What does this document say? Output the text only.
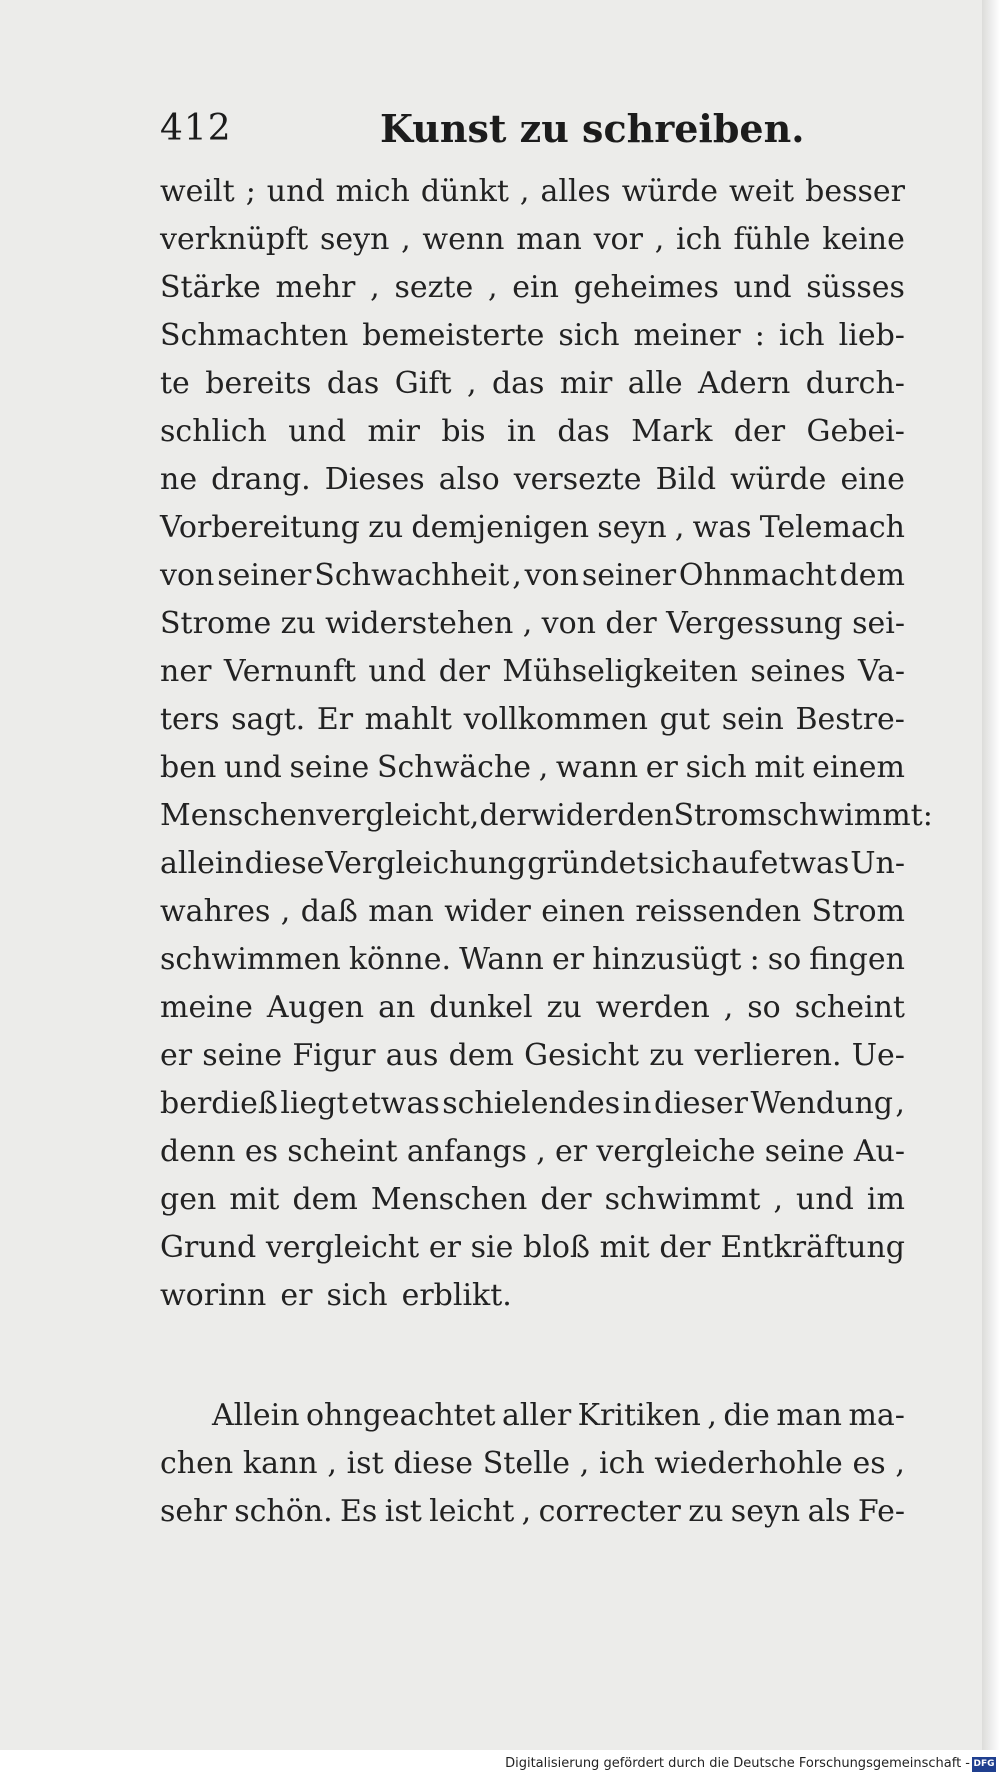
412	Kunst zu schreiben.
weilt ; und mich dünkt , alles würde weit besser
verknüpft seyn , wenn man vor , ich fühle keine
Stärke mehr , sezte , ein geheimes und süsses
Schmachten bemeisterte sich meiner : ich lieb-
te bereits das Gift , das mir alle Adern durch-
schlich und mir bis in das Mark der Gebei-
ne drang. Dieses also versezte Bild würde eine
Vorbereitung zu demjenigen seyn , was Telemach
von seiner Schwachheit , von seiner Ohnmacht dem
Strome zu widerstehen , von der Vergessung sei-
ner Vernunft und der Mühseligkeiten seines Va-
ters sagt. Er mahlt vollkommen gut sein Bestre-
ben und seine Schwäche , wann er sich mit einem
Menschen vergleicht , der wider den Strom schwimmt :
allein diese Vergleichung gründet sich auf etwas Un-
wahres , daß man wider einen reissenden Strom
schwimmen könne. Wann er hinzusügt : so fingen
meine Augen an dunkel zu werden , so scheint
er seine Figur aus dem Gesicht zu verlieren. Ue-
berdieß liegt etwas schielendes in dieser Wendung ,
denn es scheint anfangs , er vergleiche seine Au-
gen mit dem Menschen der schwimmt , und im
Grund vergleicht er sie bloß mit der Entkräftung
worinn er sich erblikt.
Allein ohngeachtet aller Kritiken , die man ma-
chen kann , ist diese Stelle , ich wiederhohle es ,
sehr schön. Es ist leicht , correcter zu seyn als Fe-
Digitalisierung gefördert durch die Deutsche Forschungsgemeinschaft - DFG
